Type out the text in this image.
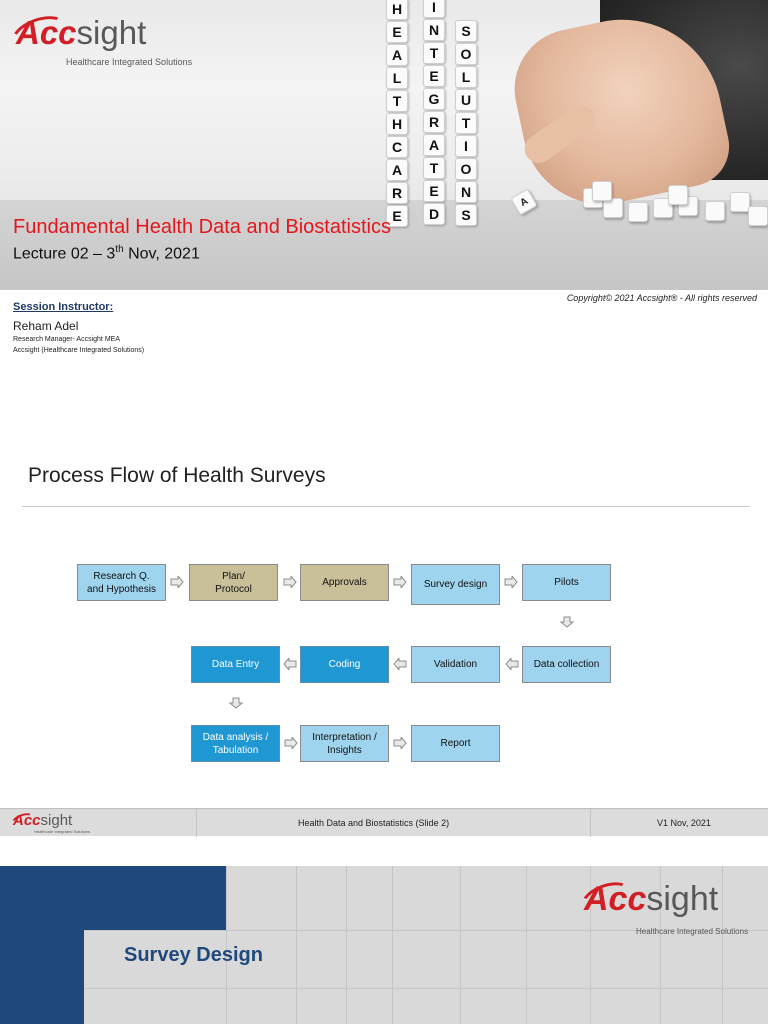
H
E
A
L
T
H
C
A
R
E
I
N
T
E
G
R
A
T
E
D
S
O
L
U
T
I
O
N
S
A
Accsight
Healthcare Integrated Solutions
Fundamental Health Data and Biostatistics
Lecture 02 – 3th Nov, 2021
Copyright© 2021 Accsight® - All rights reserved
Session Instructor:
Reham Adel
Research Manager- Accsight MEA
Accsight (Healthcare Integrated Solutions)
Process Flow of Health Surveys
Research Q.
and Hypothesis
Plan/
Protocol
Approvals	Survey design	Pilots
Data collection
Validation
Coding
Data Entry
Data analysis /
Tabulation
Interpretation /
Insights
Report
Accsight
Healthcare Integrated Solutions
Health Data and Biostatistics (Slide 2)	V1 Nov, 2021
Accsight
Healthcare Integrated Solutions
Survey Design
